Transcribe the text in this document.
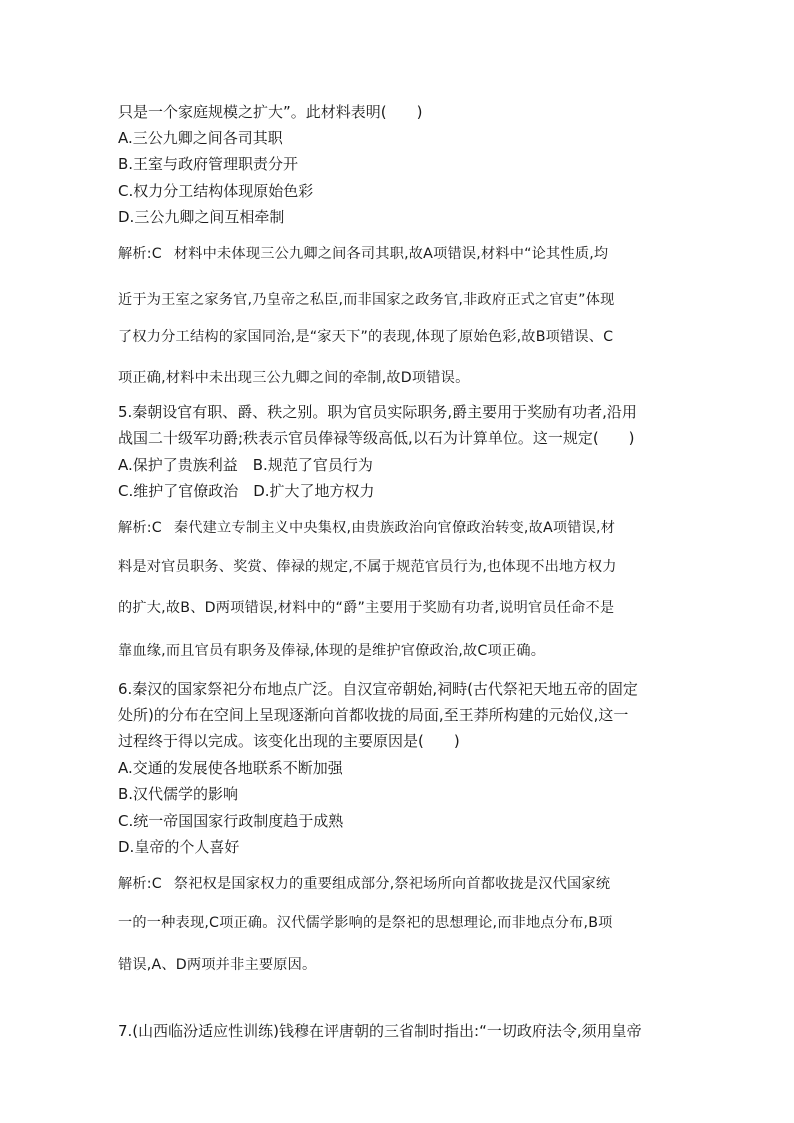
只是一个家庭规模之扩大”。此材料表明(　　)
A.三公九卿之间各司其职
B.王室与政府管理职责分开
C.权力分工结构体现原始色彩
D.三公九卿之间互相牵制
解析:C 材料中未体现三公九卿之间各司其职,故A项错误,材料中“论其性质,均
近于为王室之家务官,乃皇帝之私臣,而非国家之政务官,非政府正式之官吏”体现
了权力分工结构的家国同治,是“家天下”的表现,体现了原始色彩,故B项错误、C
项正确,材料中未出现三公九卿之间的牵制,故D项错误。
5.秦朝设官有职、爵、秩之别。职为官员实际职务,爵主要用于奖励有功者,沿用
战国二十级军功爵;秩表示官员俸禄等级高低,以石为计算单位。这一规定(　　)
A.保护了贵族利益　B.规范了官员行为
C.维护了官僚政治　D.扩大了地方权力
解析:C 秦代建立专制主义中央集权,由贵族政治向官僚政治转变,故A项错误,材
料是对官员职务、奖赏、俸禄的规定,不属于规范官员行为,也体现不出地方权力
的扩大,故B、D两项错误,材料中的“爵”主要用于奖励有功者,说明官员任命不是
靠血缘,而且官员有职务及俸禄,体现的是维护官僚政治,故C项正确。
6.秦汉的国家祭祀分布地点广泛。自汉宣帝朝始,祠畤(古代祭祀天地五帝的固定
处所)的分布在空间上呈现逐渐向首都收拢的局面,至王莽所构建的元始仪,这一
过程终于得以完成。该变化出现的主要原因是(　　)
A.交通的发展使各地联系不断加强
B.汉代儒学的影响
C.统一帝国国家行政制度趋于成熟
D.皇帝的个人喜好
解析:C 祭祀权是国家权力的重要组成部分,祭祀场所向首都收拢是汉代国家统
一的一种表现,C项正确。汉代儒学影响的是祭祀的思想理论,而非地点分布,B项
错误,A、D两项并非主要原因。
7.(山西临汾适应性训练)钱穆在评唐朝的三省制时指出:“一切政府法令,须用皇帝
